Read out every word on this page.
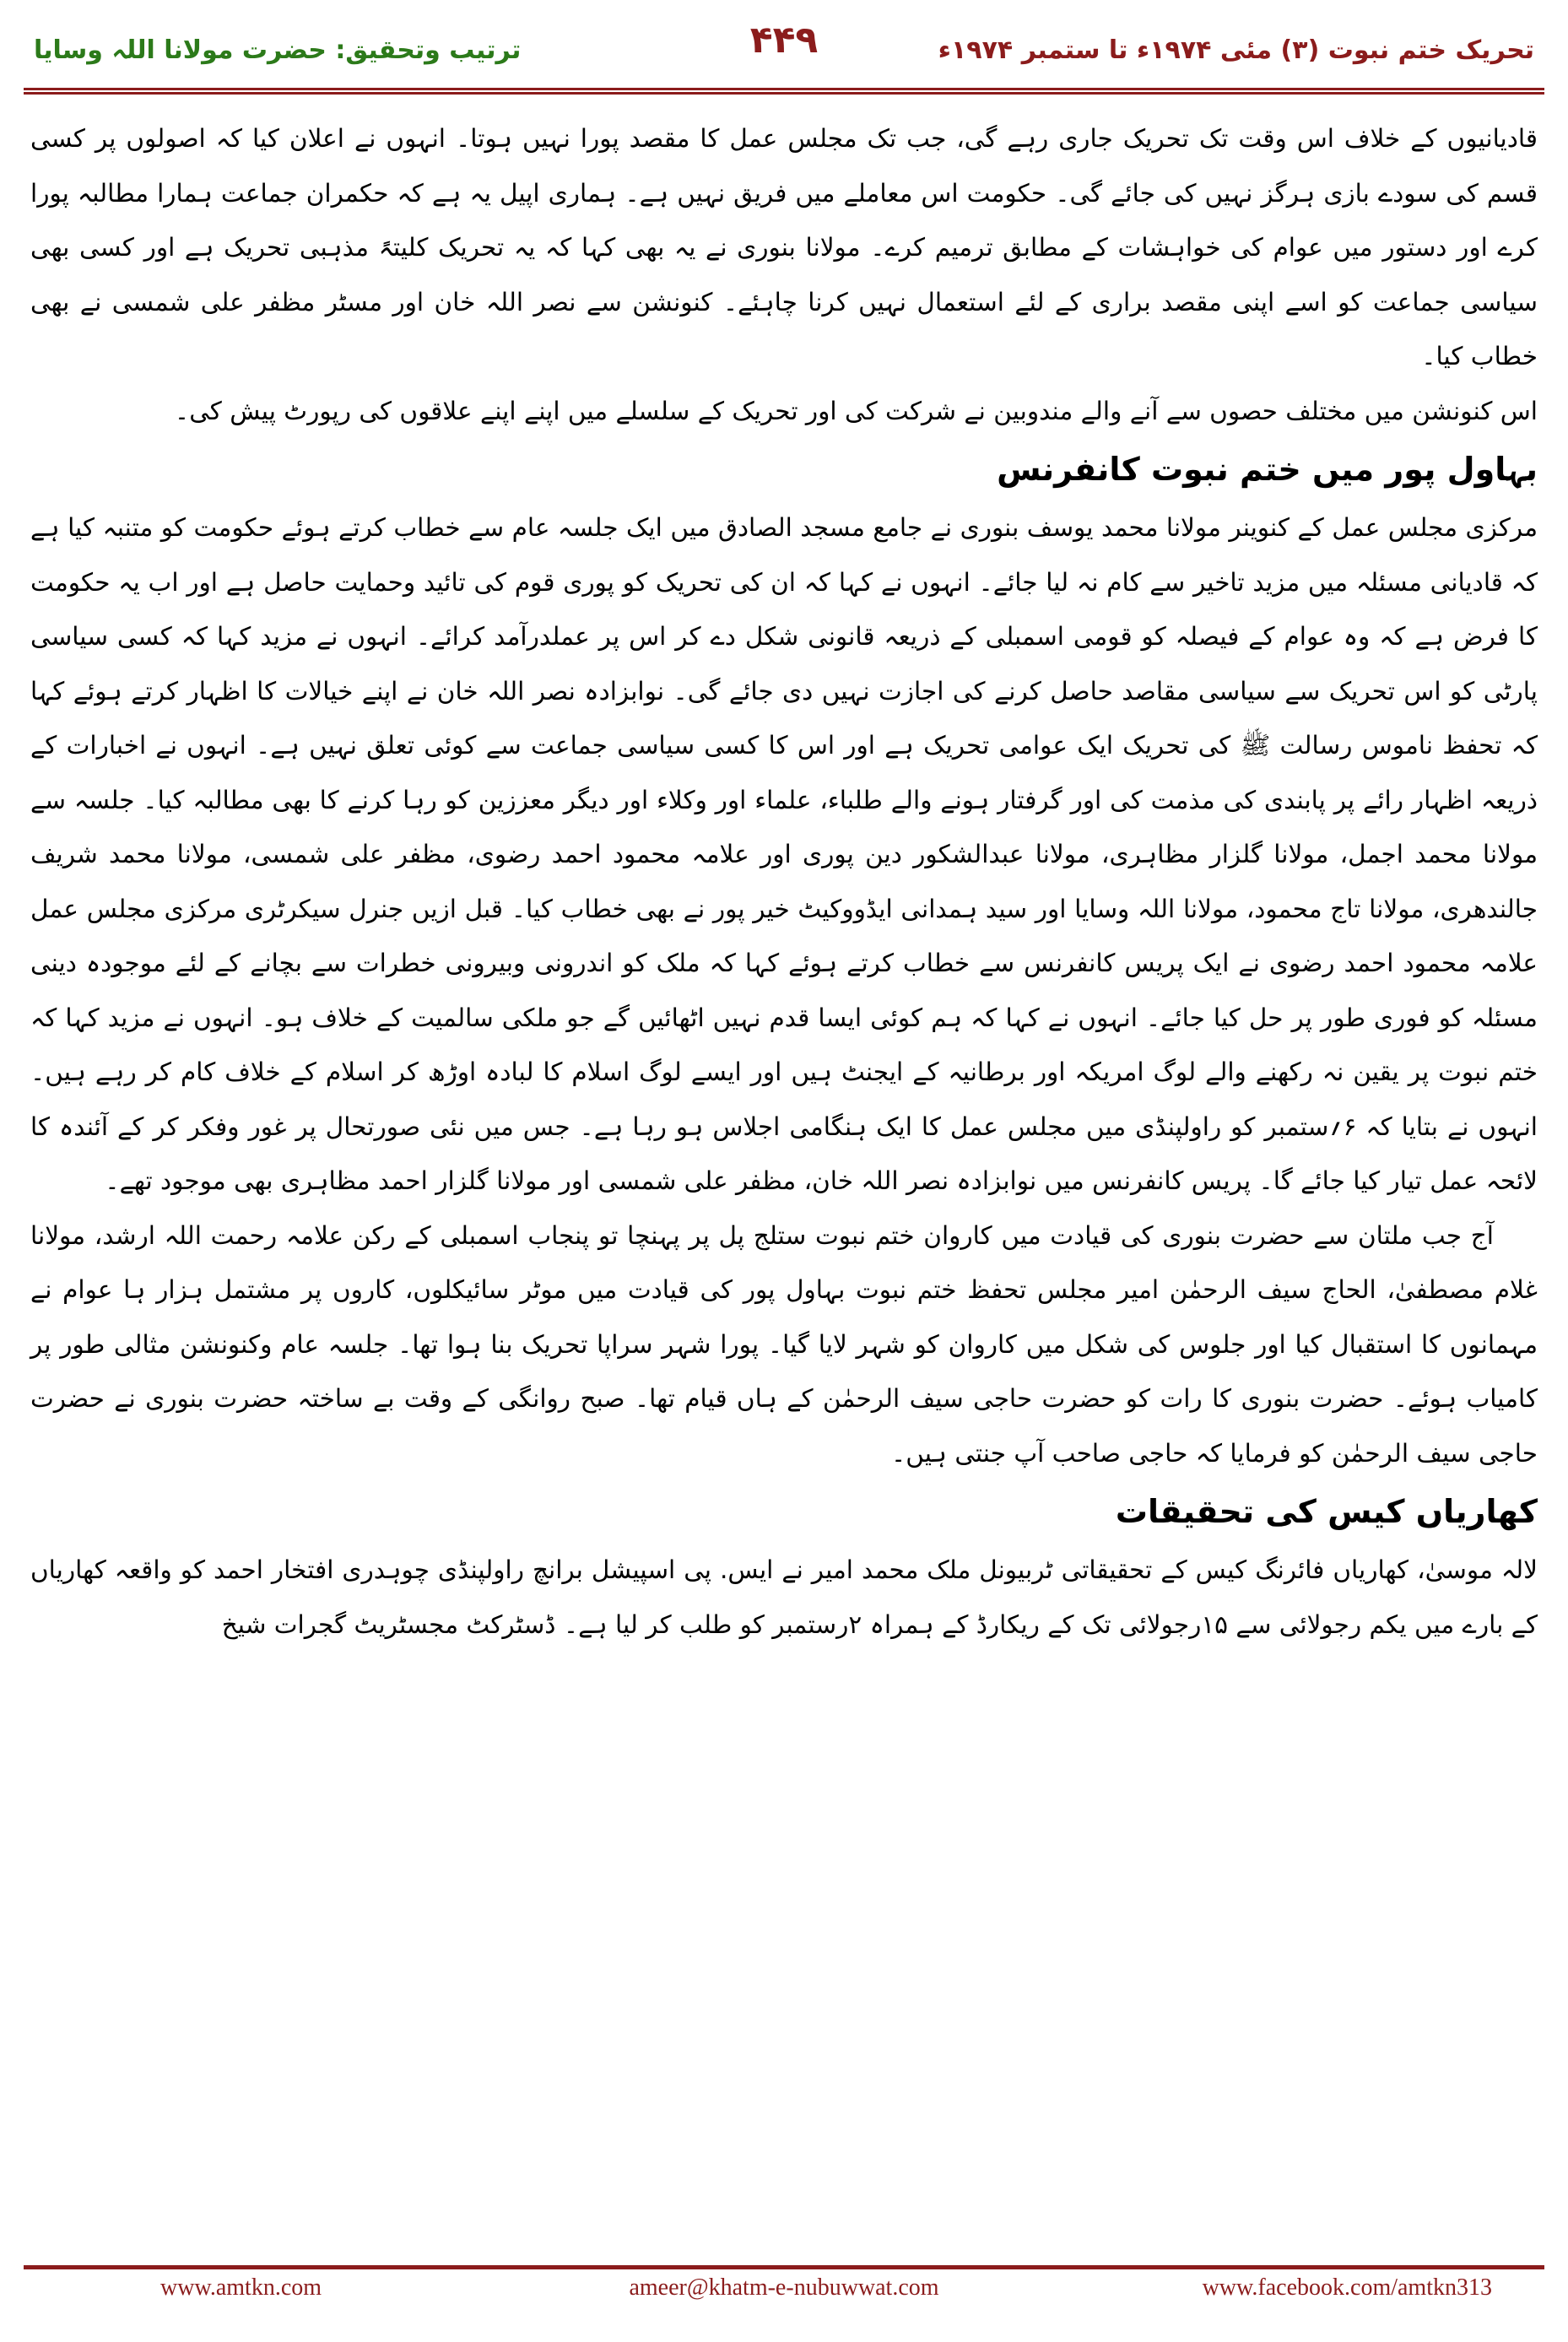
تحریک ختم نبوت (۳) مئی ۱۹۷۴ء تا ستمبر ۱۹۷۴ء
۴۴۹
ترتیب وتحقیق: حضرت مولانا اللہ وسایا

قادیانیوں کے خلاف اس وقت تک تحریک جاری رہے گی، جب تک مجلس عمل کا مقصد پورا نہیں ہوتا۔ انہوں نے اعلان کیا کہ اصولوں پر کسی قسم کی سودے بازی ہرگز نہیں کی جائے گی۔ حکومت اس معاملے میں فریق نہیں ہے۔ ہماری اپیل یہ ہے کہ حکمران جماعت ہمارا مطالبہ پورا کرے اور دستور میں عوام کی خواہشات کے مطابق ترمیم کرے۔ مولانا بنوری نے یہ بھی کہا کہ یہ تحریک کلیتہً مذہبی تحریک ہے اور کسی بھی سیاسی جماعت کو اسے اپنی مقصد براری کے لئے استعمال نہیں کرنا چاہئے۔ کنونشن سے نصر اللہ خان اور مسٹر مظفر علی شمسی نے بھی خطاب کیا۔

اس کنونشن میں مختلف حصوں سے آنے والے مندوبین نے شرکت کی اور تحریک کے سلسلے میں اپنے اپنے علاقوں کی رپورٹ پیش کی۔

بہاول پور میں ختم نبوت کانفرنس

مرکزی مجلس عمل کے کنوینر مولانا محمد یوسف بنوری نے جامع مسجد الصادق میں ایک جلسہ عام سے خطاب کرتے ہوئے حکومت کو متنبہ کیا ہے کہ قادیانی مسئلہ میں مزید تاخیر سے کام نہ لیا جائے۔ انہوں نے کہا کہ ان کی تحریک کو پوری قوم کی تائید وحمایت حاصل ہے اور اب یہ حکومت کا فرض ہے کہ وہ عوام کے فیصلہ کو قومی اسمبلی کے ذریعہ قانونی شکل دے کر اس پر عملدرآمد کرائے۔ انہوں نے مزید کہا کہ کسی سیاسی پارٹی کو اس تحریک سے سیاسی مقاصد حاصل کرنے کی اجازت نہیں دی جائے گی۔ نوابزادہ نصر اللہ خان نے اپنے خیالات کا اظہار کرتے ہوئے کہا کہ تحفظ ناموس رسالت ﷺ کی تحریک ایک عوامی تحریک ہے اور اس کا کسی سیاسی جماعت سے کوئی تعلق نہیں ہے۔ انہوں نے اخبارات کے ذریعہ اظہار رائے پر پابندی کی مذمت کی اور گرفتار ہونے والے طلباء، علماء اور وکلاء اور دیگر معززین کو رہا کرنے کا بھی مطالبہ کیا۔ جلسہ سے مولانا محمد اجمل، مولانا گلزار مظاہری، مولانا عبدالشکور دین پوری اور علامہ محمود احمد رضوی، مظفر علی شمسی، مولانا محمد شریف جالندھری، مولانا تاج محمود، مولانا اللہ وسایا اور سید ہمدانی ایڈووکیٹ خیر پور نے بھی خطاب کیا۔ قبل ازیں جنرل سیکرٹری مرکزی مجلس عمل علامہ محمود احمد رضوی نے ایک پریس کانفرنس سے خطاب کرتے ہوئے کہا کہ ملک کو اندرونی وبیرونی خطرات سے بچانے کے لئے موجودہ دینی مسئلہ کو فوری طور پر حل کیا جائے۔ انہوں نے کہا کہ ہم کوئی ایسا قدم نہیں اٹھائیں گے جو ملکی سالمیت کے خلاف ہو۔ انہوں نے مزید کہا کہ ختم نبوت پر یقین نہ رکھنے والے لوگ امریکہ اور برطانیہ کے ایجنٹ ہیں اور ایسے لوگ اسلام کا لبادہ اوڑھ کر اسلام کے خلاف کام کر رہے ہیں۔ انہوں نے بتایا کہ ۶؍ستمبر کو راولپنڈی میں مجلس عمل کا ایک ہنگامی اجلاس ہو رہا ہے۔ جس میں نئی صورتحال پر غور وفکر کر کے آئندہ کا لائحہ عمل تیار کیا جائے گا۔ پریس کانفرنس میں نوابزادہ نصر اللہ خان، مظفر علی شمسی اور مولانا گلزار احمد مظاہری بھی موجود تھے۔

آج جب ملتان سے حضرت بنوری کی قیادت میں کاروان ختم نبوت ستلج پل پر پہنچا تو پنجاب اسمبلی کے رکن علامہ رحمت اللہ ارشد، مولانا غلام مصطفیٰ، الحاج سیف الرحمٰن امیر مجلس تحفظ ختم نبوت بہاول پور کی قیادت میں موٹر سائیکلوں، کاروں پر مشتمل ہزار ہا عوام نے مہمانوں کا استقبال کیا اور جلوس کی شکل میں کاروان کو شہر لایا گیا۔ پورا شہر سراپا تحریک بنا ہوا تھا۔ جلسہ عام وکنونشن مثالی طور پر کامیاب ہوئے۔ حضرت بنوری کا رات کو حضرت حاجی سیف الرحمٰن کے ہاں قیام تھا۔ صبح روانگی کے وقت بے ساختہ حضرت بنوری نے حضرت حاجی سیف الرحمٰن کو فرمایا کہ حاجی صاحب آپ جنتی ہیں۔

کھاریاں کیس کی تحقیقات

لالہ موسیٰ، کھاریاں فائرنگ کیس کے تحقیقاتی ٹربیونل ملک محمد امیر نے ایس. پی اسپیشل برانچ راولپنڈی چوہدری افتخار احمد کو واقعہ کھاریاں کے بارے میں یکم رجولائی سے ۱۵رجولائی تک کے ریکارڈ کے ہمراہ ۲رستمبر کو طلب کر لیا ہے۔ ڈسٹرکٹ مجسٹریٹ گجرات شیخ

www.amtkn.com	ameer@khatm-e-nubuwwat.com	www.facebook.com/amtkn313
